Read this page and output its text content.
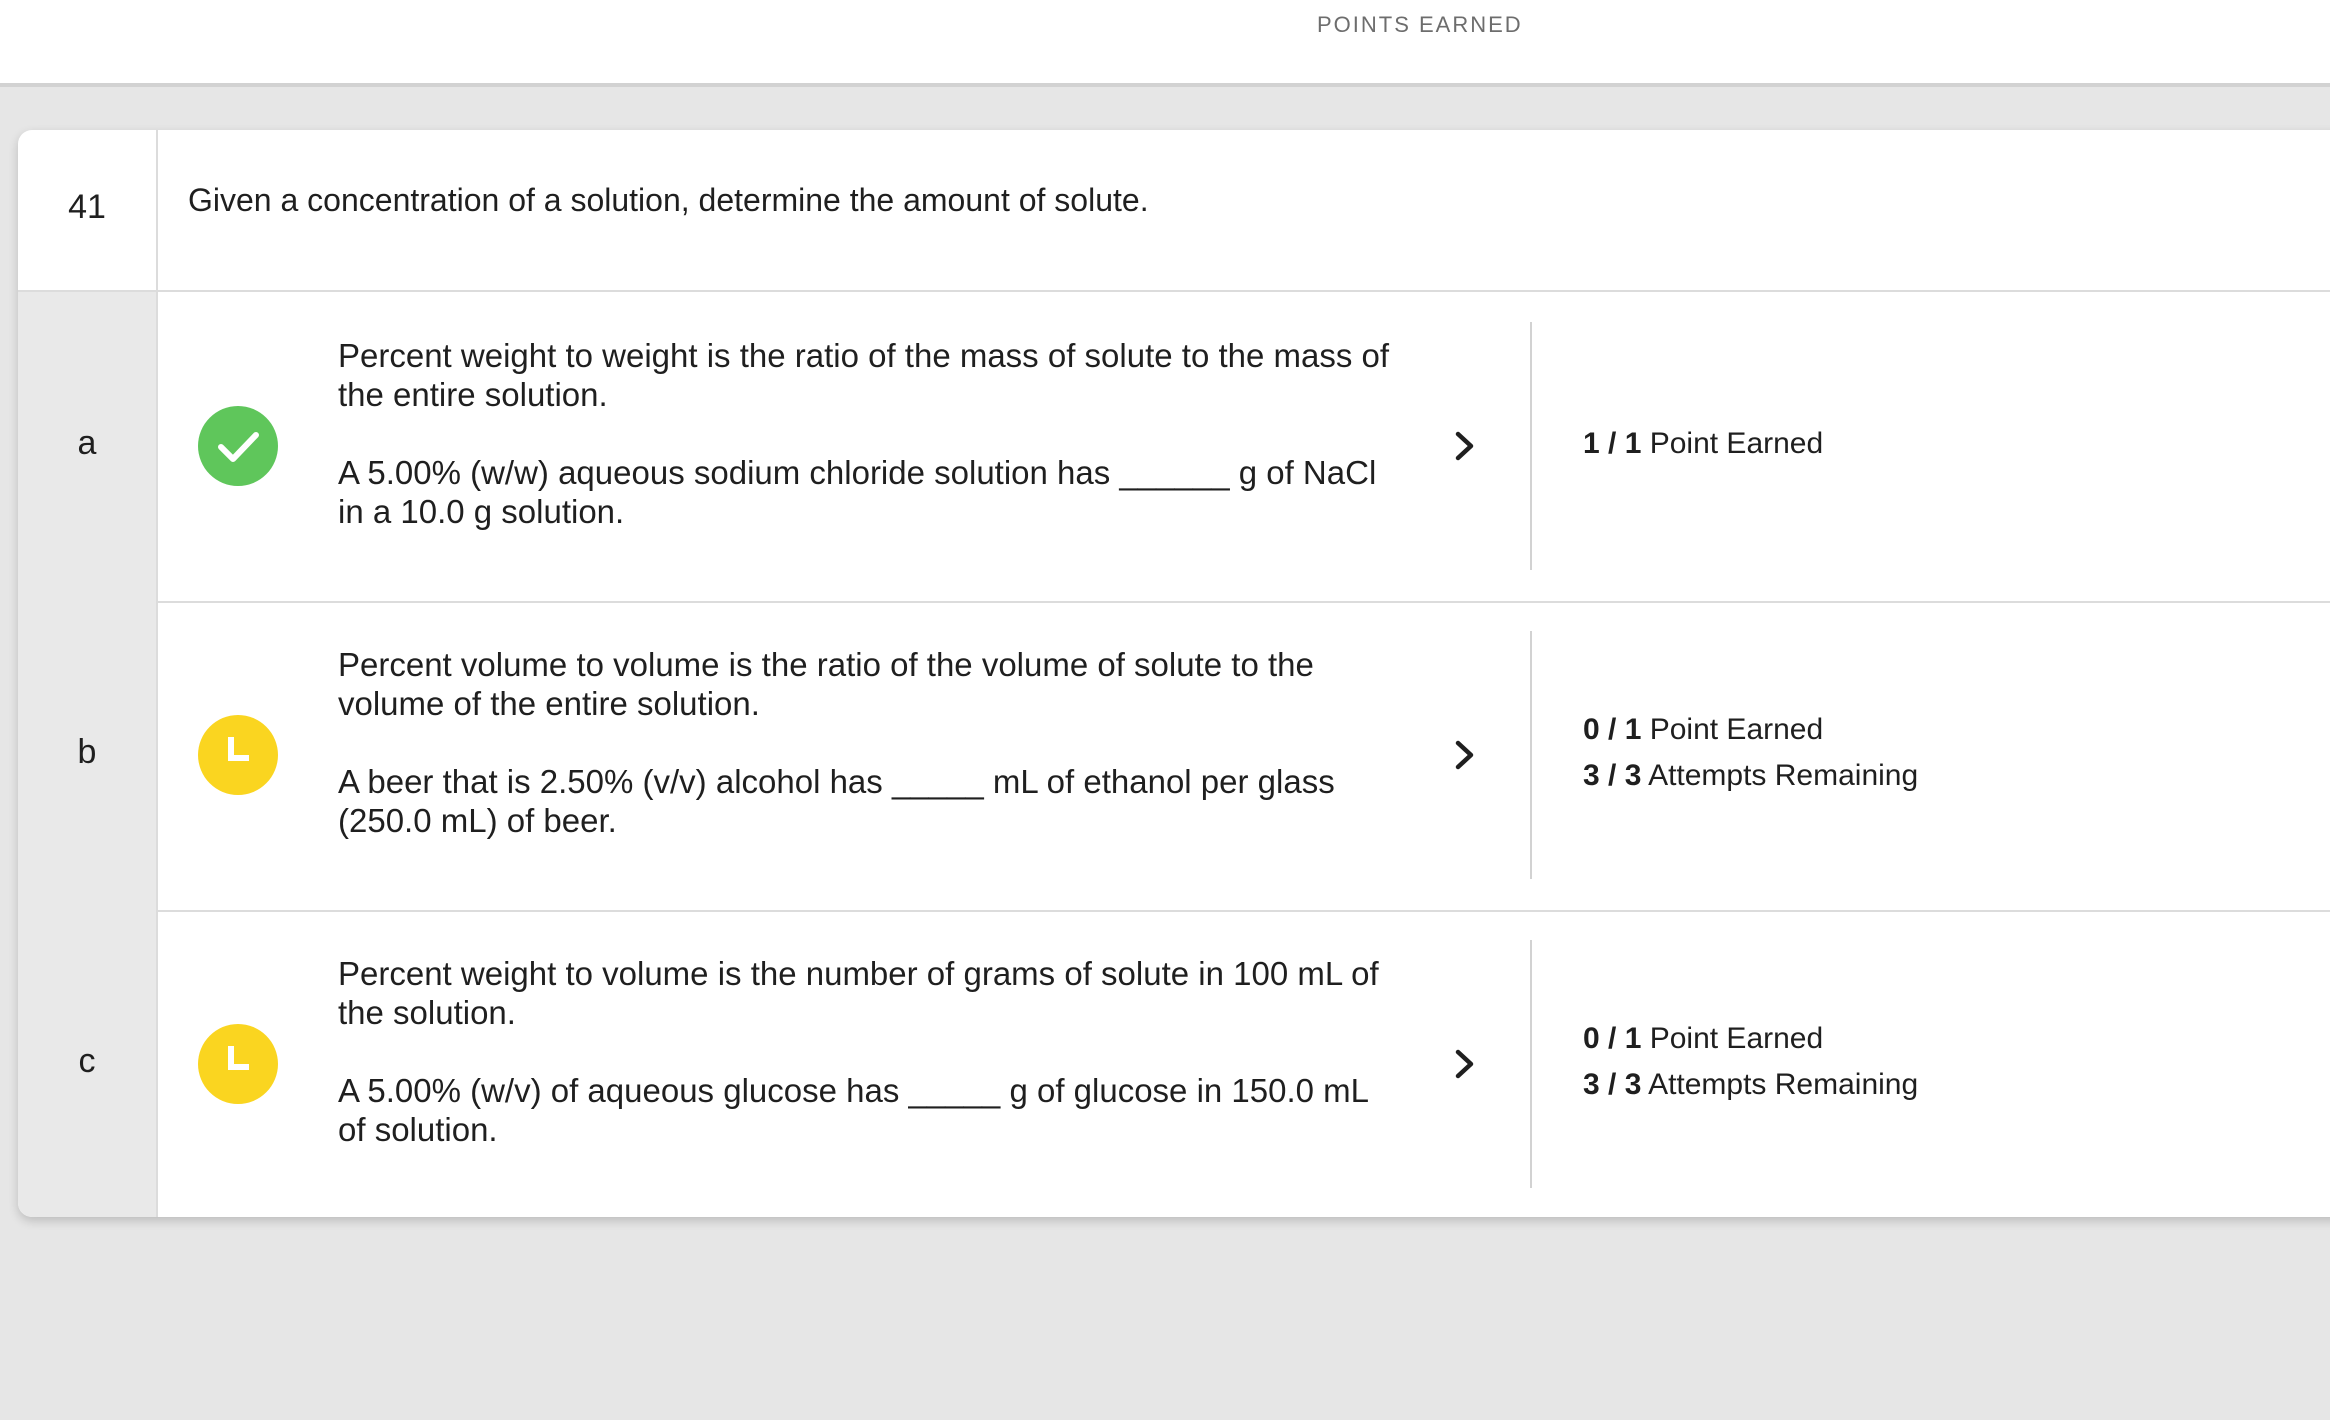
POINTS EARNED
41	Given a concentration of a solution, determine the amount of solute.
a

Percent weight to weight is the ratio of the mass of solute to the mass of the entire solution.

A 5.00% (w/w) aqueous sodium chloride solution has ______ g of NaCl in a 10.0 g solution.

1 / 1 Point Earned
b

Percent volume to volume is the ratio of the volume of solute to the volume of the entire solution.

A beer that is 2.50% (v/v) alcohol has _____ mL of ethanol per glass (250.0 mL) of beer.

0 / 1 Point Earned
3 / 3 Attempts Remaining
c

Percent weight to volume is the number of grams of solute in 100 mL of the solution.

A 5.00% (w/v) of aqueous glucose has _____ g of glucose in 150.0 mL of solution.

0 / 1 Point Earned
3 / 3 Attempts Remaining
